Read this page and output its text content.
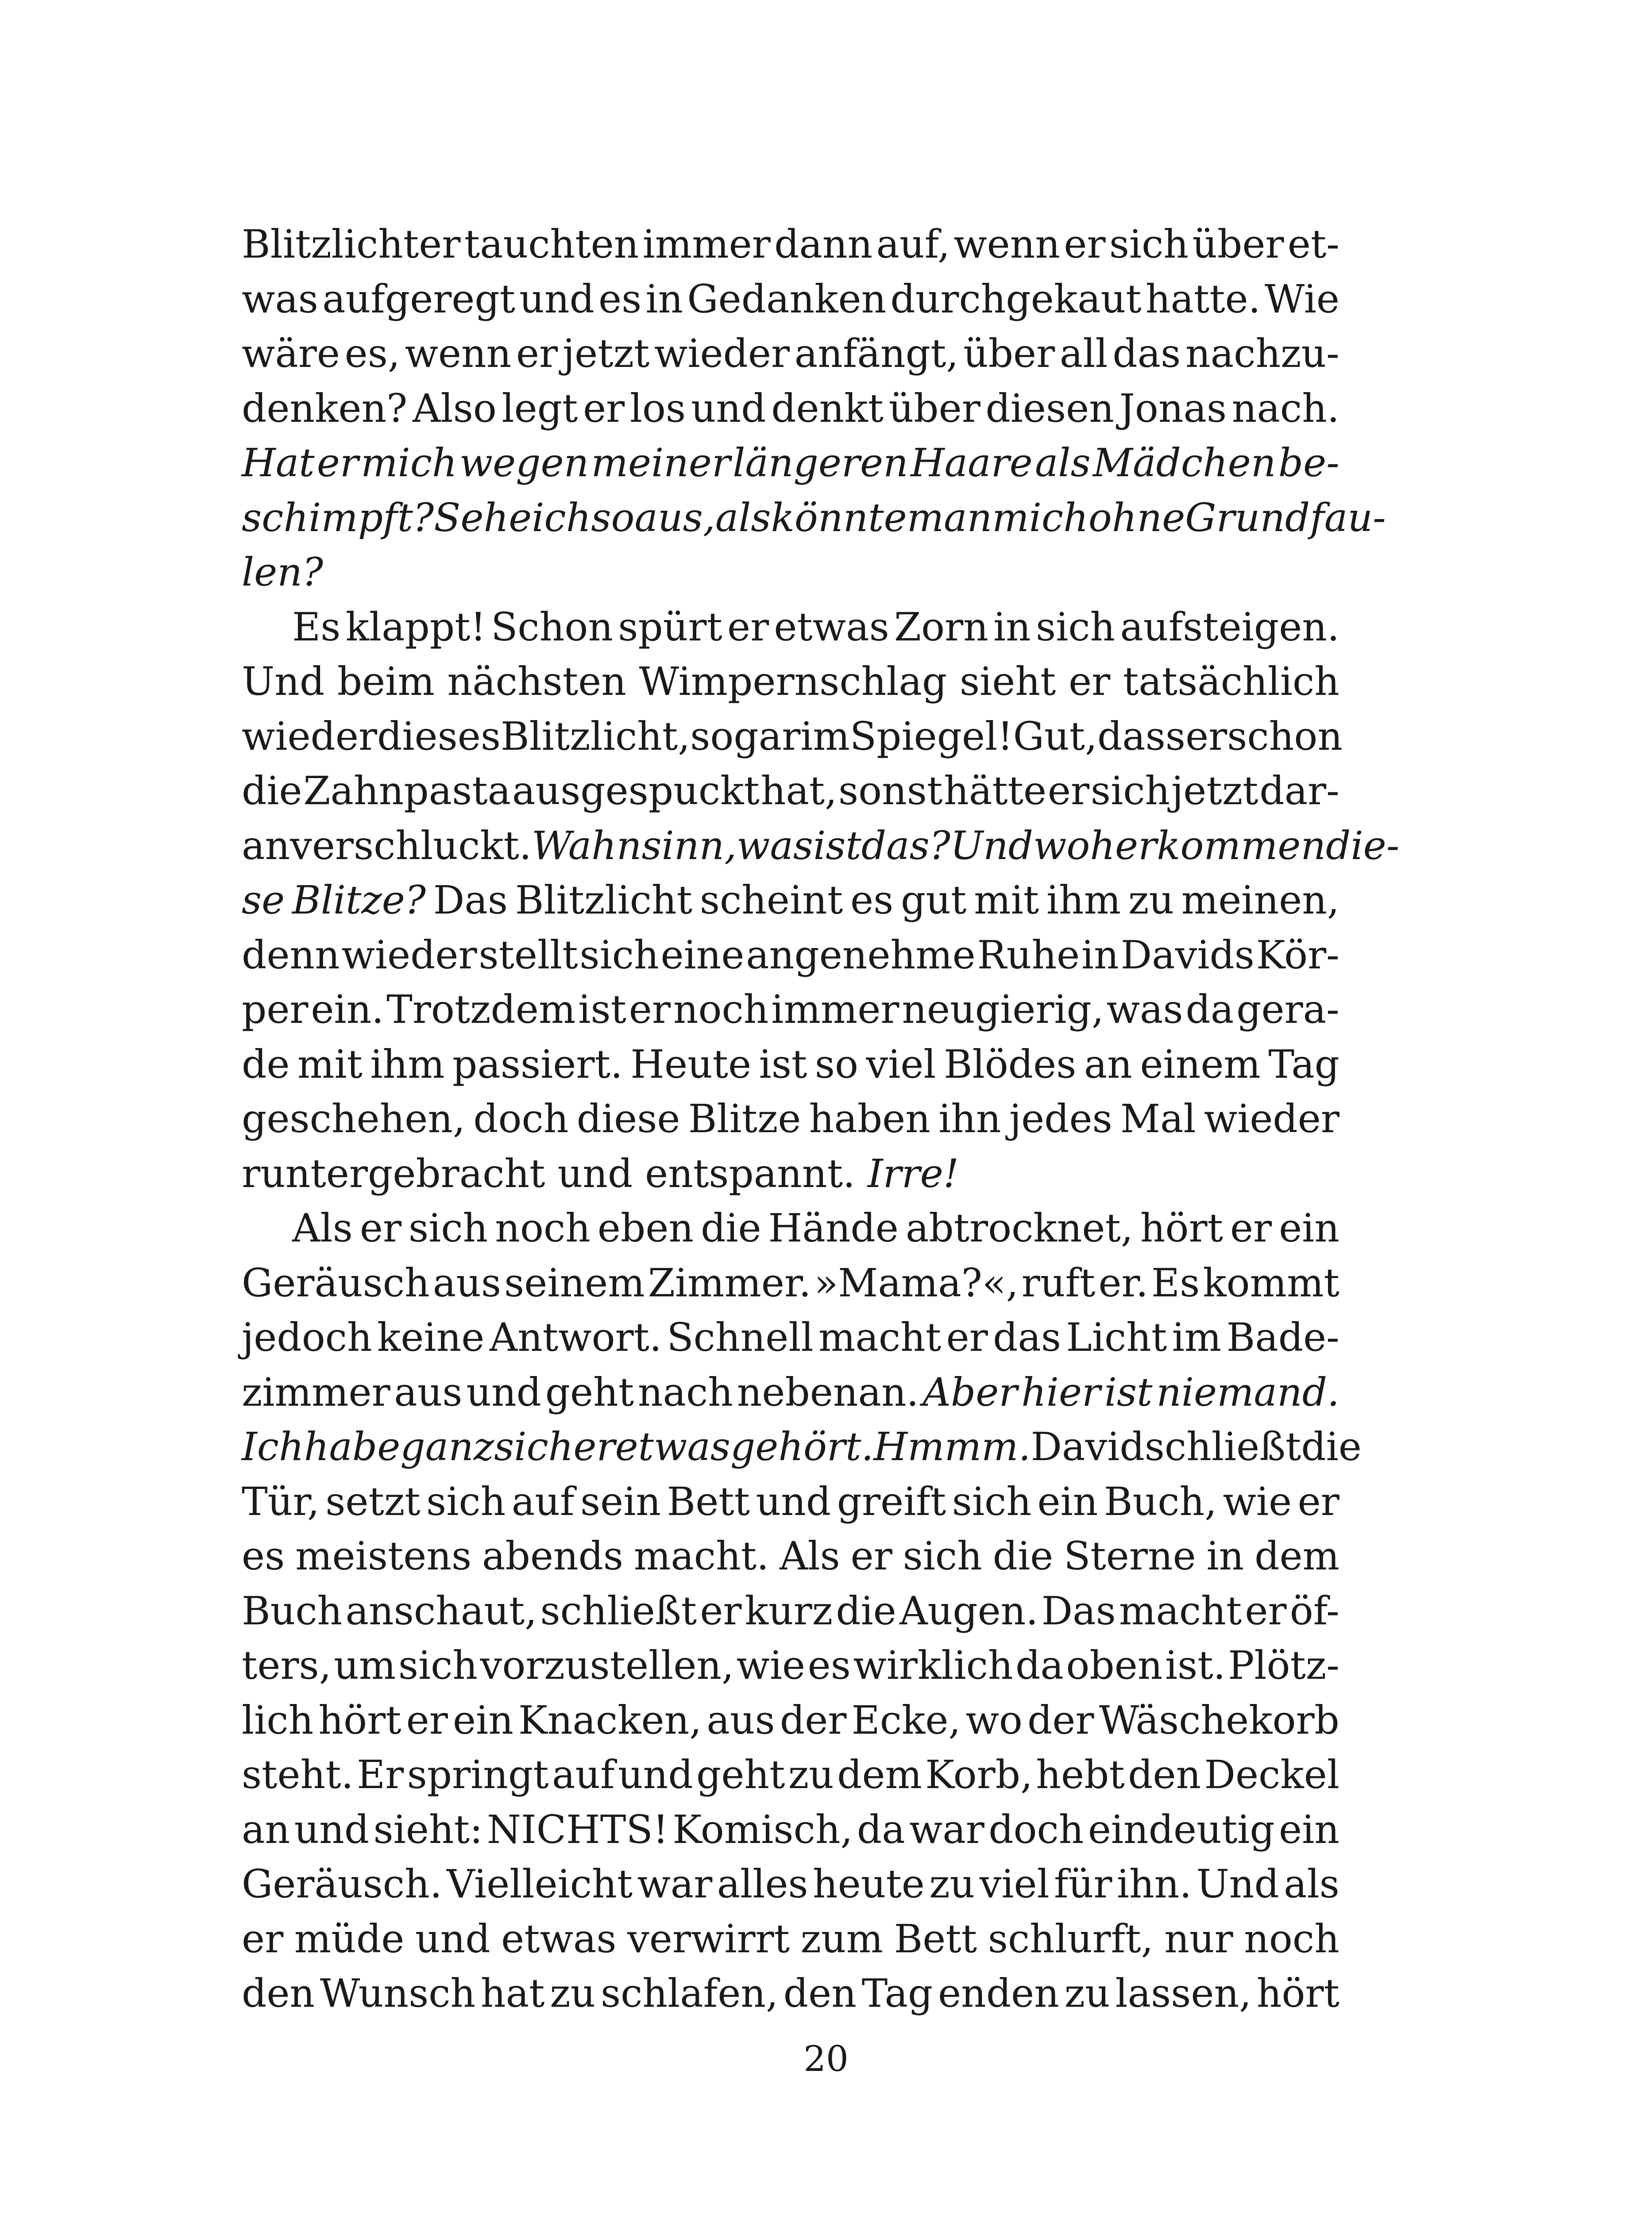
Blitzlichter tauchten immer dann auf, wenn er sich über et-
was aufgeregt und es in Gedanken durchgekaut hatte. Wie
wäre es, wenn er jetzt wieder anfängt, über all das nachzu-
denken? Also legt er los und denkt über diesen Jonas nach.
Hat er mich wegen meiner längeren Haare als Mädchen be-
schimpft? Sehe ich so aus, als könnte man mich ohne Grund fau-
len?
Es klappt! Schon spürt er etwas Zorn in sich aufsteigen.
Und beim nächsten Wimpernschlag sieht er tatsächlich
wieder dieses Blitzlicht, sogar im Spiegel! Gut, dass er schon
die Zahnpasta ausgespuckt hat, sonst hätte er sich jetzt dar-
an verschluckt. Wahnsinn, was ist das? Und woher kommen die-
se Blitze? Das Blitzlicht scheint es gut mit ihm zu meinen,
denn wieder stellt sich eine angenehme Ruhe in Davids Kör-
per ein. Trotzdem ist er noch immer neugierig, was da gera-
de mit ihm passiert. Heute ist so viel Blödes an einem Tag
geschehen, doch diese Blitze haben ihn jedes Mal wieder
runtergebracht und entspannt. Irre!
Als er sich noch eben die Hände abtrocknet, hört er ein
Geräusch aus seinem Zimmer. »Mama?«, ruft er. Es kommt
jedoch keine Antwort. Schnell macht er das Licht im Bade-
zimmer aus und geht nach nebenan. Aber hier ist niemand.
Ich habe ganz sicher etwas gehört. Hmmm. David schließt die
Tür, setzt sich auf sein Bett und greift sich ein Buch, wie er
es meistens abends macht. Als er sich die Sterne in dem
Buch anschaut, schließt er kurz die Augen. Das macht er öf-
ters, um sich vorzustellen, wie es wirklich da oben ist. Plötz-
lich hört er ein Knacken, aus der Ecke, wo der Wäschekorb
steht. Er springt auf und geht zu dem Korb, hebt den Deckel
an und sieht: NICHTS! Komisch, da war doch eindeutig ein
Geräusch. Vielleicht war alles heute zu viel für ihn. Und als
er müde und etwas verwirrt zum Bett schlurft, nur noch
den Wunsch hat zu schlafen, den Tag enden zu lassen, hört
20
